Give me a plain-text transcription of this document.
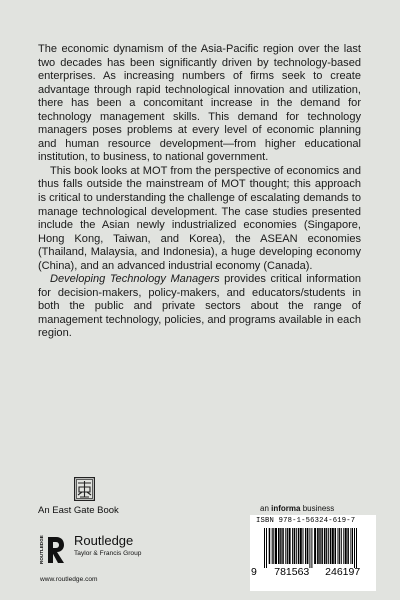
The economic dynamism of the Asia-Pacific region over the last two decades has been significantly driven by technology-based enterprises. As increasing numbers of firms seek to create advantage through rapid technological innovation and utilization, there has been a concomitant increase in the demand for technology management skills. This demand for technology managers poses problems at every level of economic planning and human resource development—from higher educational institution, to business, to national government.

This book looks at MOT from the perspective of economics and thus falls outside the mainstream of MOT thought; this approach is critical to understanding the challenge of escalating demands to manage technological development. The case studies presented include the Asian newly industrialized economies (Singapore, Hong Kong, Taiwan, and Korea), the ASEAN economies (Thailand, Malaysia, and Indonesia), a huge developing economy (China), and an advanced industrial economy (Canada).

Developing Technology Managers provides critical information for decision-makers, policy-makers, and educators/students in both the public and private sectors about the range of management technology, policies, and programs available in each region.

An East Gate Book
ROUTLEDGE Routledge
Taylor & Francis Group
www.routledge.com
an informa business
ISBN 978-1-56324-619-7
9 781563 246197
